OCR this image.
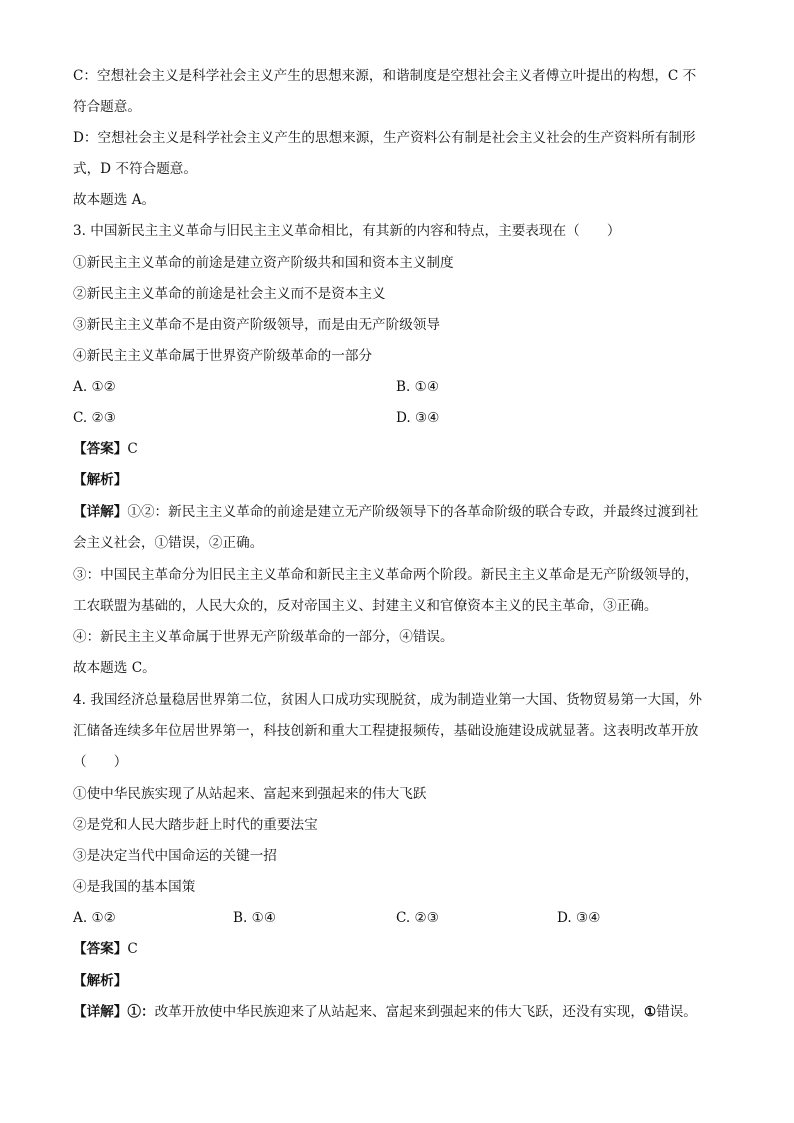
C：空想社会主义是科学社会主义产生的思想来源，和谐制度是空想社会主义者傅立叶提出的构想，C 不
符合题意。
D：空想社会主义是科学社会主义产生的思想来源，生产资料公有制是社会主义社会的生产资料所有制形
式，D 不符合题意。
故本题选 A。
3. 中国新民主主义革命与旧民主主义革命相比，有其新的内容和特点，主要表现在（　　）
①新民主主义革命的前途是建立资产阶级共和国和资本主义制度
②新民主主义革命的前途是社会主义而不是资本主义
③新民主主义革命不是由资产阶级领导，而是由无产阶级领导
④新民主主义革命属于世界资产阶级革命的一部分
A. ①②	B. ①④
C. ②③	D. ③④
【答案】C
【解析】
【详解】①②：新民主主义革命的前途是建立无产阶级领导下的各革命阶级的联合专政，并最终过渡到社
会主义社会，①错误，②正确。
③：中国民主革命分为旧民主主义革命和新民主主义革命两个阶段。新民主主义革命是无产阶级领导的，
工农联盟为基础的，人民大众的，反对帝国主义、封建主义和官僚资本主义的民主革命，③正确。
④：新民主主义革命属于世界无产阶级革命的一部分，④错误。
故本题选 C。
4. 我国经济总量稳居世界第二位，贫困人口成功实现脱贫，成为制造业第一大国、货物贸易第一大国，外
汇储备连续多年位居世界第一，科技创新和重大工程捷报频传，基础设施建设成就显著。这表明改革开放
（　　）
①使中华民族实现了从站起来、富起来到强起来的伟大飞跃
②是党和人民大踏步赶上时代的重要法宝
③是决定当代中国命运的关键一招
④是我国的基本国策
A. ①②	B. ①④	C. ②③	D. ③④
【答案】C
【解析】
【详解】①：改革开放使中华民族迎来了从站起来、富起来到强起来的伟大飞跃，还没有实现，①错误。
